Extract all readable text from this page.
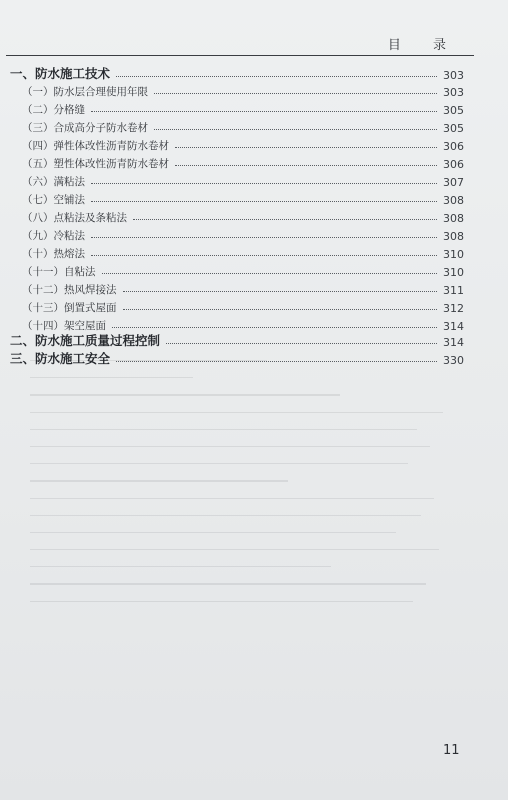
目 录
一、防水施工技术	303
（一）防水层合理使用年限	303
（二）分格缝	305
（三）合成高分子防水卷材	305
（四）弹性体改性沥青防水卷材	306
（五）塑性体改性沥青防水卷材	306
（六）满粘法	307
（七）空铺法	308
（八）点粘法及条粘法	308
（九）冷粘法	308
（十）热熔法	310
（十一）自粘法	310
（十二）热风焊接法	311
（十三）倒置式屋面	312
（十四）架空屋面	314
二、防水施工质量过程控制	314
三、防水施工安全	330
11
